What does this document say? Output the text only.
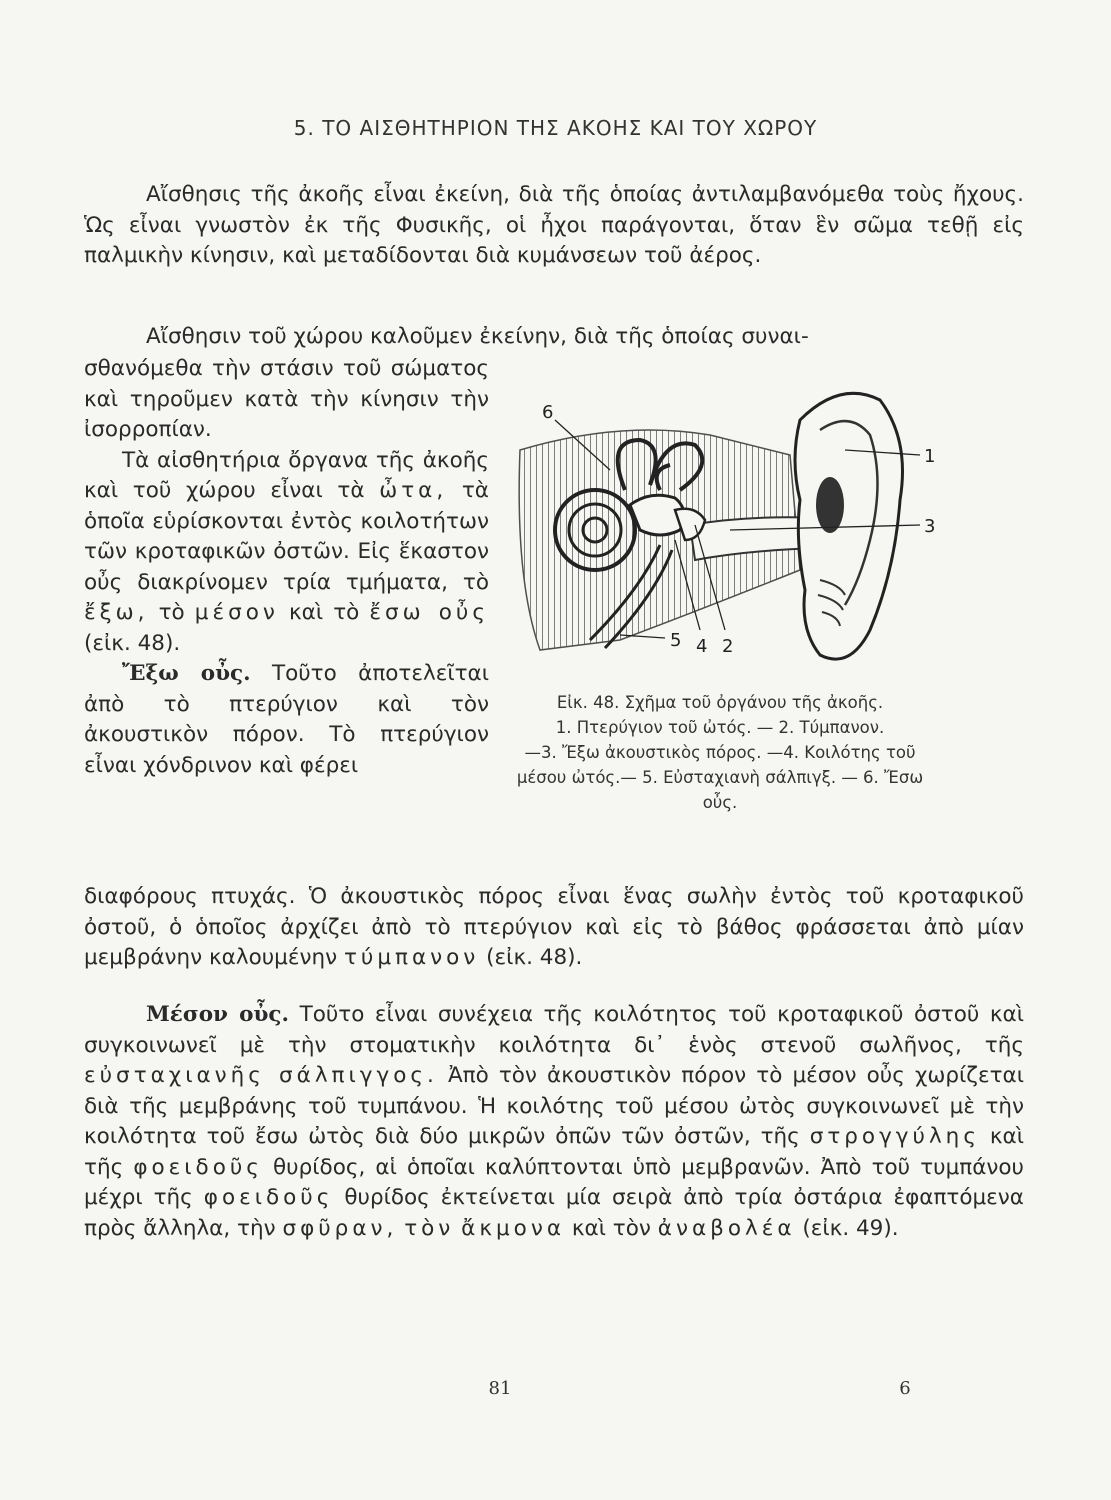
5. ΤΟ ΑΙΣΘΗΤΗΡΙΟΝ ΤΗΣ ΑΚΟΗΣ ΚΑΙ ΤΟΥ ΧΩΡΟΥ
Αἴσθησις τῆς ἀκοῆς εἶναι ἐκείνη, διὰ τῆς ὁποίας ἀντιλαμβανόμεθα τοὺς ἤχους. Ὡς εἶναι γνωστὸν ἐκ τῆς Φυσικῆς, οἱ ἦχοι παράγονται, ὅταν ἓν σῶμα τεθῇ εἰς παλμικὴν κίνησιν, καὶ μεταδίδονται διὰ κυμάνσεων τοῦ ἀέρος.
Αἴσθησιν τοῦ χώρου καλοῦμεν ἐκείνην, διὰ τῆς ὁποίας συναι-
σθανόμεθα τὴν στάσιν τοῦ σώματος καὶ τηροῦμεν κατὰ τὴν κίνησιν τὴν ἰσορροπίαν.
Τὰ αἰσθητήρια ὄργανα τῆς ἀκοῆς καὶ τοῦ χώρου εἶναι τὰ ὦτα, τὰ ὁποῖα εὑρίσκονται ἐντὸς κοιλοτήτων τῶν κροταφικῶν ὀστῶν. Εἰς ἕκαστον οὖς διακρίνομεν τρία τμήματα, τὸ ἔξω, τὸ μέσον καὶ τὸ ἔσω οὖς (εἰκ. 48).
Ἔξω οὖς. Τοῦτο ἀποτελεῖται ἀπὸ τὸ πτερύγιον καὶ τὸν ἀκουστικὸν πόρον. Τὸ πτερύγιον εἶναι χόνδρινον καὶ φέρει
διαφόρους πτυχάς. Ὁ ἀκουστικὸς πόρος εἶναι ἕνας σωλὴν ἐντὸς τοῦ κροταφικοῦ ὀστοῦ, ὁ ὁποῖος ἀρχίζει ἀπὸ τὸ πτερύγιον καὶ εἰς τὸ βάθος φράσσεται ἀπὸ μίαν μεμβράνην καλουμένην τύμπανον (εἰκ. 48).
Μέσον οὖς. Τοῦτο εἶναι συνέχεια τῆς κοιλότητος τοῦ κροταφικοῦ ὀστοῦ καὶ συγκοινωνεῖ μὲ τὴν στοματικὴν κοιλότητα δι᾽ ἑνὸς στενοῦ σωλῆνος, τῆς εὐσταχιανῆς σάλπιγγος. Ἀπὸ τὸν ἀκουστικὸν πόρον τὸ μέσον οὖς χωρίζεται διὰ τῆς μεμβράνης τοῦ τυμπάνου. Ἡ κοιλότης τοῦ μέσου ὠτὸς συγκοινωνεῖ μὲ τὴν κοιλότητα τοῦ ἔσω ὠτὸς διὰ δύο μικρῶν ὀπῶν τῶν ὀστῶν, τῆς στρογγύλης καὶ τῆς φοειδοῦς θυρίδος, αἱ ὁποῖαι καλύπτονται ὑπὸ μεμβρανῶν. Ἀπὸ τοῦ τυμπάνου μέχρι τῆς φοειδοῦς θυρίδος ἐκτείνεται μία σειρὰ ἀπὸ τρία ὀστάρια ἐφαπτόμενα πρὸς ἄλληλα, τὴν σφῦραν, τὸν ἄκμονα καὶ τὸν ἀναβολέα (εἰκ. 49).
6
1
3
5 4 2
Εἰκ. 48. Σχῆμα τοῦ ὀργάνου τῆς ἀκοῆς.
1. Πτερύγιον τοῦ ὠτός. — 2. Τύμπανον.
—3. Ἔξω ἀκουστικὸς πόρος. —4. Κοιλότης τοῦ μέσου ὠτός.— 5. Εὐσταχιανὴ σάλπιγξ. — 6. Ἔσω οὖς.
81	6
